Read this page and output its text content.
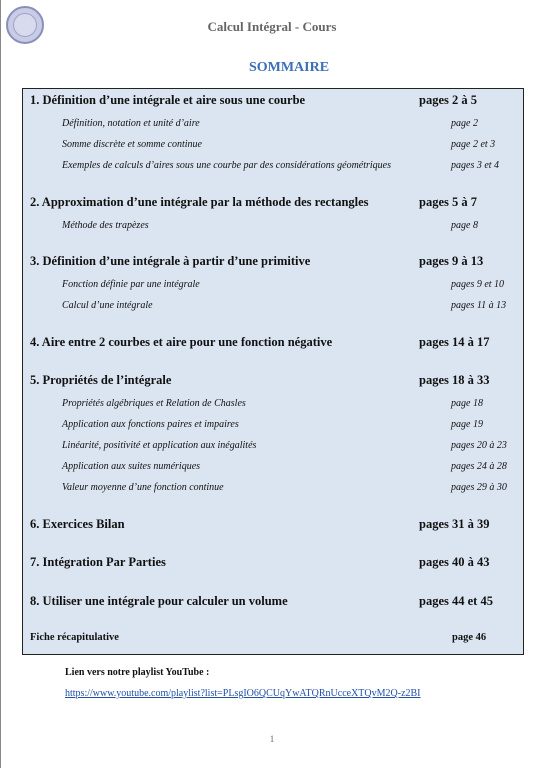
Calcul Intégral - Cours
SOMMAIRE
1. Définition d’une intégrale et aire sous une courbe	pages 2 à 5
Définition, notation et unité d’aire	page 2
Somme discrète et somme continue	page 2 et 3
Exemples de calculs d’aires sous une courbe par des considérations géométriques	pages 3 et 4
2. Approximation d’une intégrale par la méthode des rectangles	pages 5 à 7
Méthode des trapèzes	page 8
3. Définition d’une intégrale à partir d’une primitive	pages 9 à 13
Fonction définie par une intégrale	pages 9 et 10
Calcul d’une intégrale	pages 11 à 13
4. Aire entre 2 courbes et aire pour une fonction négative	pages 14 à 17
5. Propriétés de l’intégrale	pages 18 à 33
Propriétés algébriques et Relation de Chasles	page 18
Application aux fonctions paires et impaires	page 19
Linéarité, positivité et application aux inégalités	pages 20 à 23
Application aux suites numériques	pages 24 à 28
Valeur moyenne d’une fonction continue	pages 29 à 30
6. Exercices Bilan	pages 31 à 39
7. Intégration Par Parties	pages 40 à 43
8. Utiliser une intégrale pour calculer un volume	pages 44 et 45
Fiche récapitulative	page 46
Lien vers notre playlist YouTube :
https://www.youtube.com/playlist?list=PLsgIO6QCUqYwATQRnUcceXTQvM2Q-z2BI
1
